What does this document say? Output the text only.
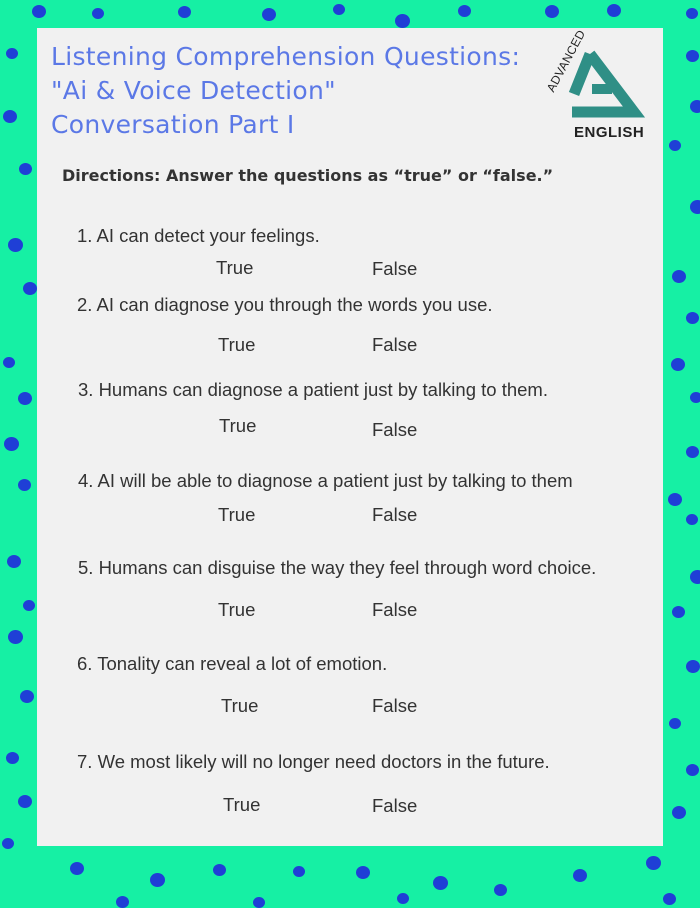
Listening Comprehension Questions:
"Ai & Voice Detection"
Conversation Part I
ADVANCED
ENGLISH
Directions: Answer the questions as “true” or “false.”
1. AI can detect your feelings.
True	False
2. AI can diagnose you through the words you use.
True	False
3. Humans can diagnose a patient just by talking to them.
True	False
4. AI will be able to diagnose a patient just by talking to them
True	False
5. Humans can disguise the way they feel through word choice.
True	False
6. Tonality can reveal a lot of emotion.
True	False
7. We most likely will no longer need doctors in the future.
True	False
